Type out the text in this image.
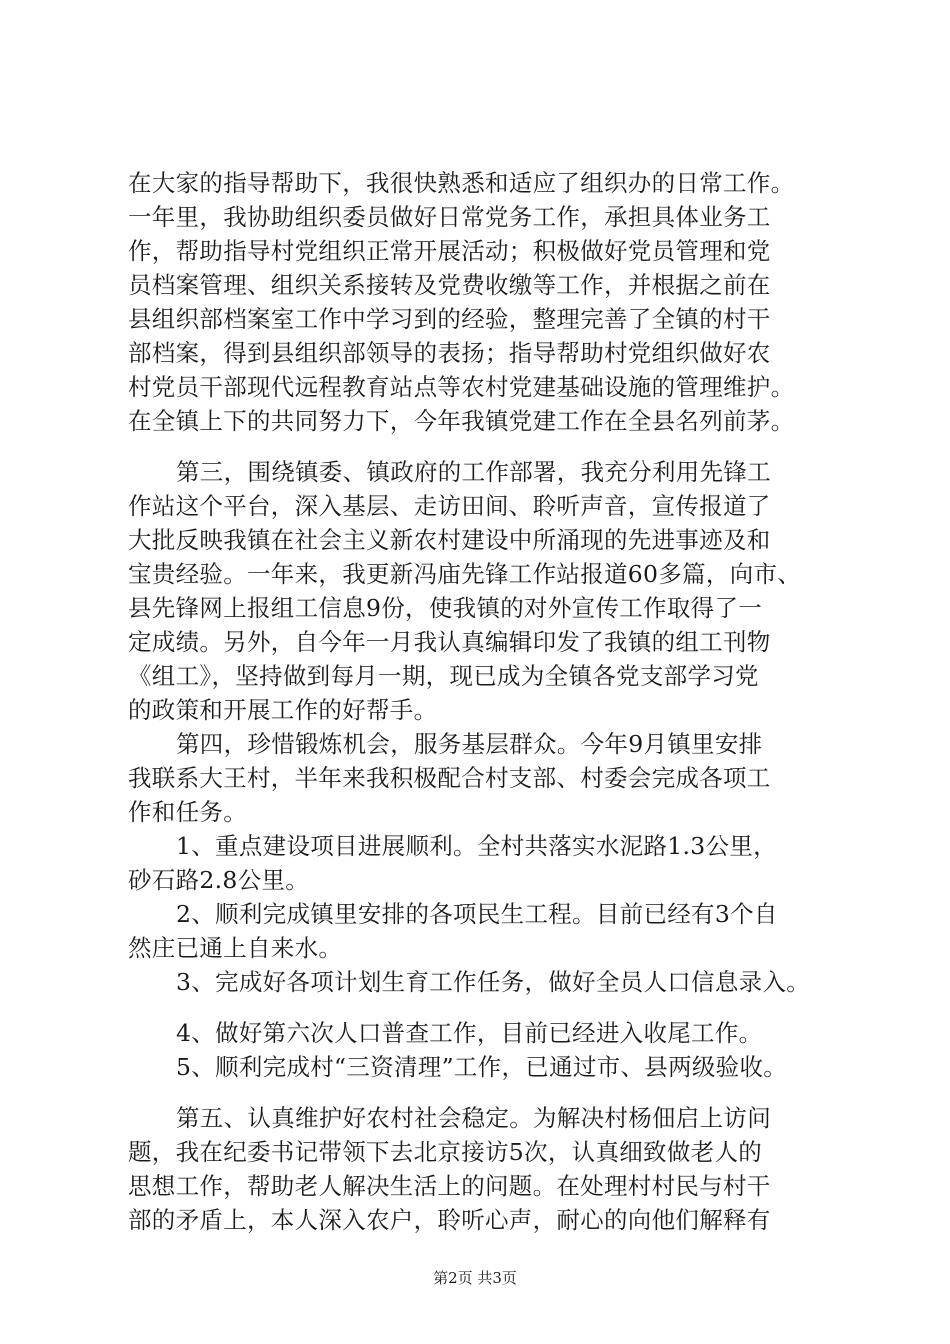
在大家的指导帮助下，我很快熟悉和适应了组织办的日常工作。
一年里，我协助组织委员做好日常党务工作，承担具体业务工
作，帮助指导村党组织正常开展活动；积极做好党员管理和党
员档案管理、组织关系接转及党费收缴等工作，并根据之前在
县组织部档案室工作中学习到的经验，整理完善了全镇的村干
部档案，得到县组织部领导的表扬；指导帮助村党组织做好农
村党员干部现代远程教育站点等农村党建基础设施的管理维护。
在全镇上下的共同努力下，今年我镇党建工作在全县名列前茅。
第三，围绕镇委、镇政府的工作部署，我充分利用先锋工
作站这个平台，深入基层、走访田间、聆听声音，宣传报道了
大批反映我镇在社会主义新农村建设中所涌现的先进事迹及和
宝贵经验。一年来，我更新冯庙先锋工作站报道60多篇，向市、
县先锋网上报组工信息9份，使我镇的对外宣传工作取得了一
定成绩。另外，自今年一月我认真编辑印发了我镇的组工刊物
《组工》，坚持做到每月一期，现已成为全镇各党支部学习党
的政策和开展工作的好帮手。
第四，珍惜锻炼机会，服务基层群众。今年9月镇里安排
我联系大王村，半年来我积极配合村支部、村委会完成各项工
作和任务。
1、重点建设项目进展顺利。全村共落实水泥路1.3公里，
砂石路2.8公里。
2、顺利完成镇里安排的各项民生工程。目前已经有3个自
然庄已通上自来水。
3、完成好各项计划生育工作任务，做好全员人口信息录入。
4、做好第六次人口普查工作，目前已经进入收尾工作。
5、顺利完成村“三资清理”工作，已通过市、县两级验收。
第五、认真维护好农村社会稳定。为解决村杨佃启上访问
题，我在纪委书记带领下去北京接访5次，认真细致做老人的
思想工作，帮助老人解决生活上的问题。在处理村村民与村干
部的矛盾上，本人深入农户，聆听心声，耐心的向他们解释有
第2页 共3页
